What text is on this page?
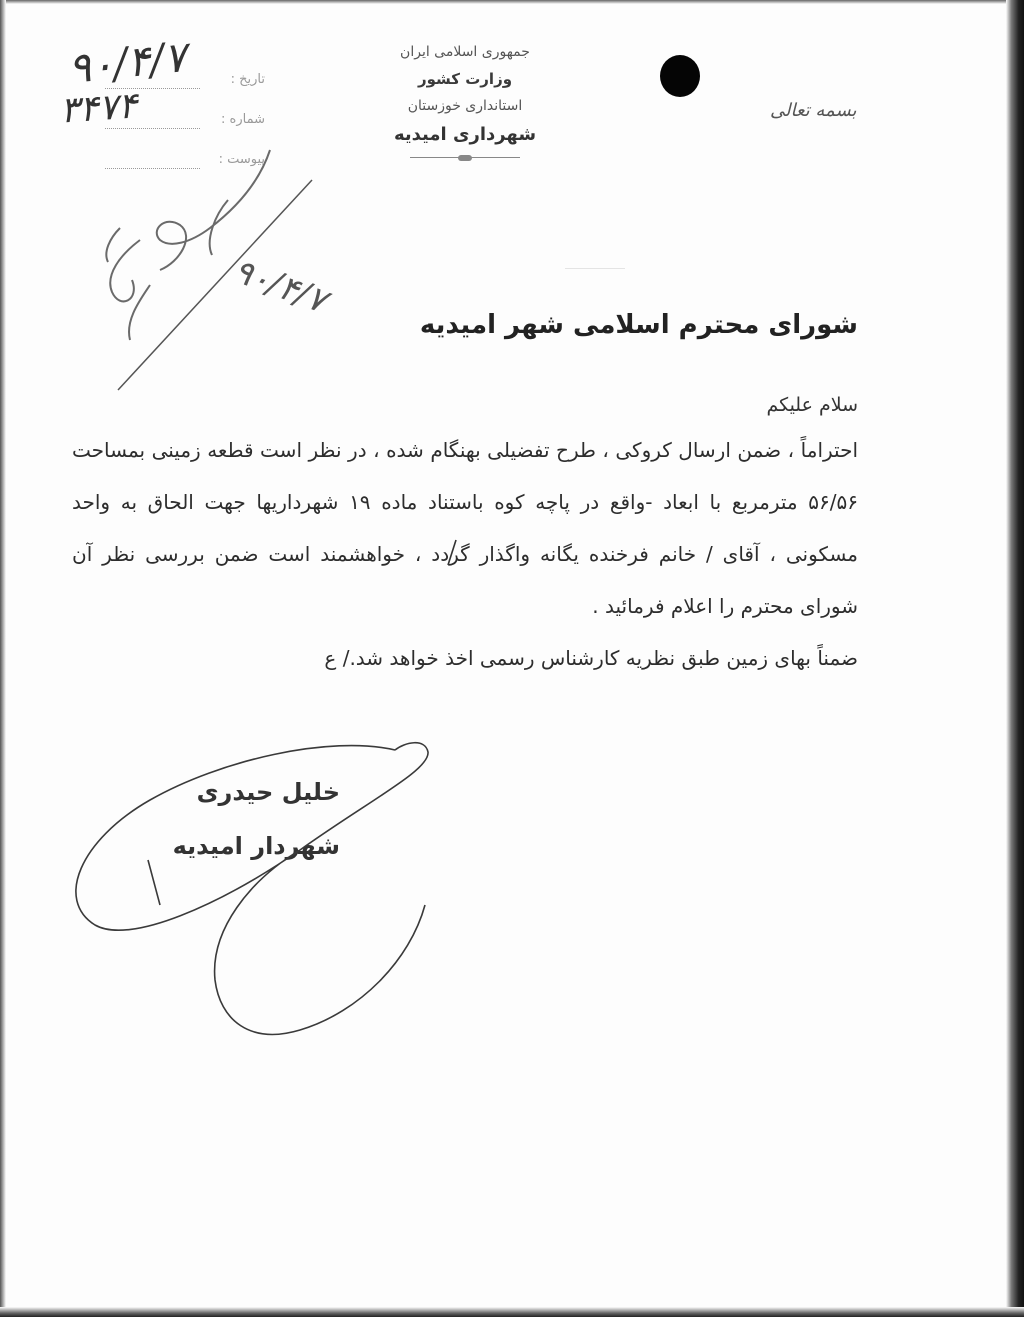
جمهوری اسلامی ایران
وزارت کشور
استانداری خوزستان
شهرداری امیدیه
تاریخ :
شماره :
پیوست :
۹۰/۴/۷
۳۴۷۴
۹۰/۴/۷
بسمه تعالی
شورای محترم اسلامی شهر امیدیه
سلام علیکم

احتراماً ، ضمن ارسال کروکی ، طرح تفضیلی بهنگام شده ، در نظر است قطعه زمینی بمساحت ۵۶/۵۶ مترمربع با ابعاد -واقع در پاچه کوه باستناد ماده ۱۹ شهرداریها جهت الحاق به واحد مسکونی ، آقای / خانم فرخنده یگانه واگذار گردد ، خواهشمند است ضمن بررسی نظر آن شورای محترم را اعلام فرمائید .

ضمناً بهای زمین طبق نظریه کارشناس رسمی اخذ خواهد شد./ ع

خلیل حیدری
شهردار امیدیه
